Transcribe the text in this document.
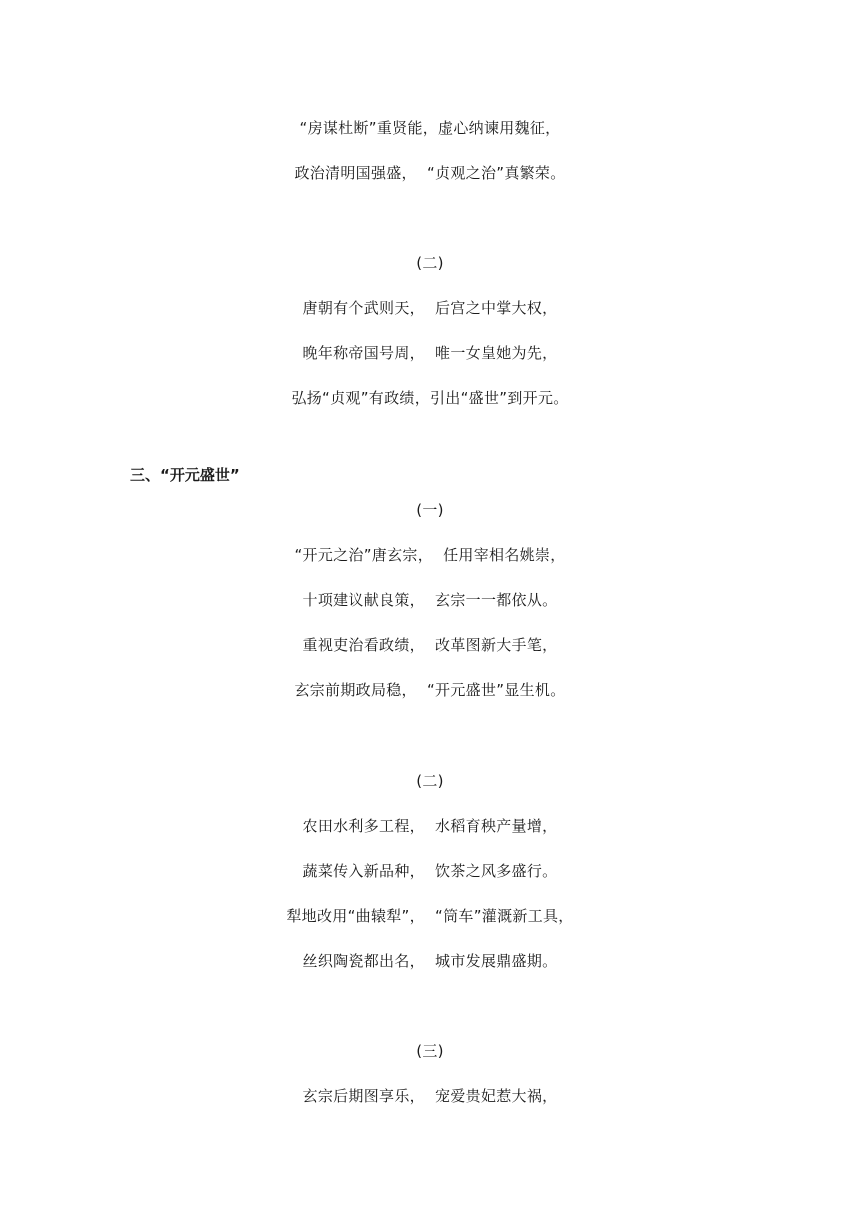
“房谋杜断”重贤能，虚心纳谏用魏征，
政治清明国强盛，  “贞观之治”真繁荣。
(二)
唐朝有个武则天，  后宫之中掌大权，
晚年称帝国号周，  唯一女皇她为先，
弘扬“贞观”有政绩，引出“盛世”到开元。
三、“开元盛世”
(一)
“开元之治”唐玄宗，  任用宰相名姚崇，
十项建议献良策，  玄宗一一都依从。
重视吏治看政绩，  改革图新大手笔，
玄宗前期政局稳，  “开元盛世”显生机。
(二)
农田水利多工程，  水稻育秧产量增，
蔬菜传入新品种，  饮茶之风多盛行。
犁地改用“曲辕犁”，  “筒车”灌溉新工具，
丝织陶瓷都出名，  城市发展鼎盛期。
(三)
玄宗后期图享乐，  宠爱贵妃惹大祸，
